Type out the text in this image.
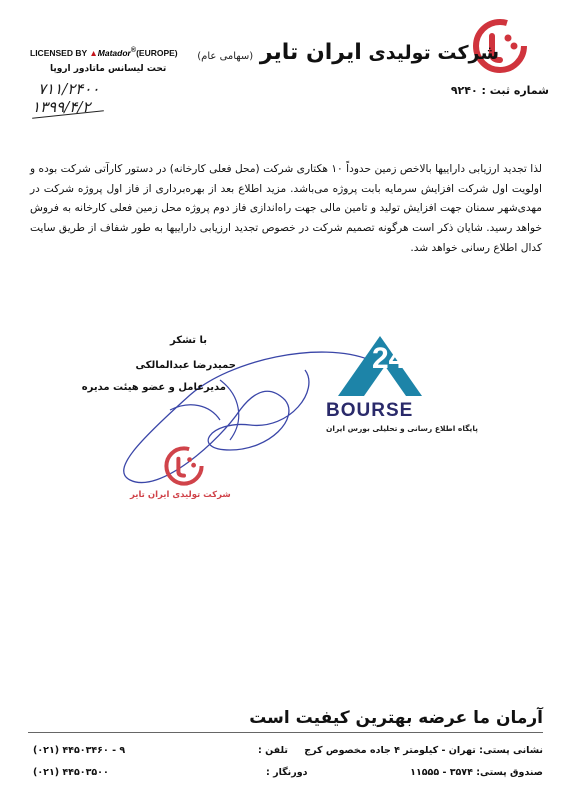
شرکت تولیدی ایران تایر (سهامی عام)
شماره ثبت : ۹۲۴۰
LICENSED BY ▲Matador®(EUROPE)
تحت لیسانس ماتادور اروپا
۷۱۱/۲۴۰۰
۱۳۹۹/۴/۲
لذا تجدید ارزیابی داراییها بالاخص زمین حدوداً ۱۰ هکتاری شرکت (محل فعلی کارخانه) در دستور کارآتی شرکت بوده و اولویت اول شرکت افزایش سرمایه بابت پروژه می‌باشد. مزید اطلاع بعد از بهره‌برداری از فاز اول پروژه شرکت در مهدی‌شهر سمنان جهت افزایش تولید و تامین مالی جهت راه‌اندازی فاز دوم پروژه محل زمین فعلی کارخانه به فروش خواهد رسید. شایان ذکر است هرگونه تصمیم شرکت در خصوص تجدید ارزیابی داراییها به طور شفاف از طریق سایت کدال اطلاع رسانی خواهد شد.
با تشکر
حمیدرضا عبدالمالکی
مدیرعامل و عضو هیئت مدیره
شرکت تولیدی ایران تایر
24
BOURSE
پایگاه اطلاع رسانی و تحلیلی بورس ایران
آرمان ما عرضه بهترین کیفیت است
نشانی پستی: تهران - کیلومتر ۴ جاده مخصوص کرج
صندوق پستی: ۳۵۷۴ - ۱۱۵۵۵
تلفن :
دورنگار :
(۰۲۱) ۴۴۵۰۳۴۶۰ - ۹
(۰۲۱) ۴۴۵۰۳۵۰۰
